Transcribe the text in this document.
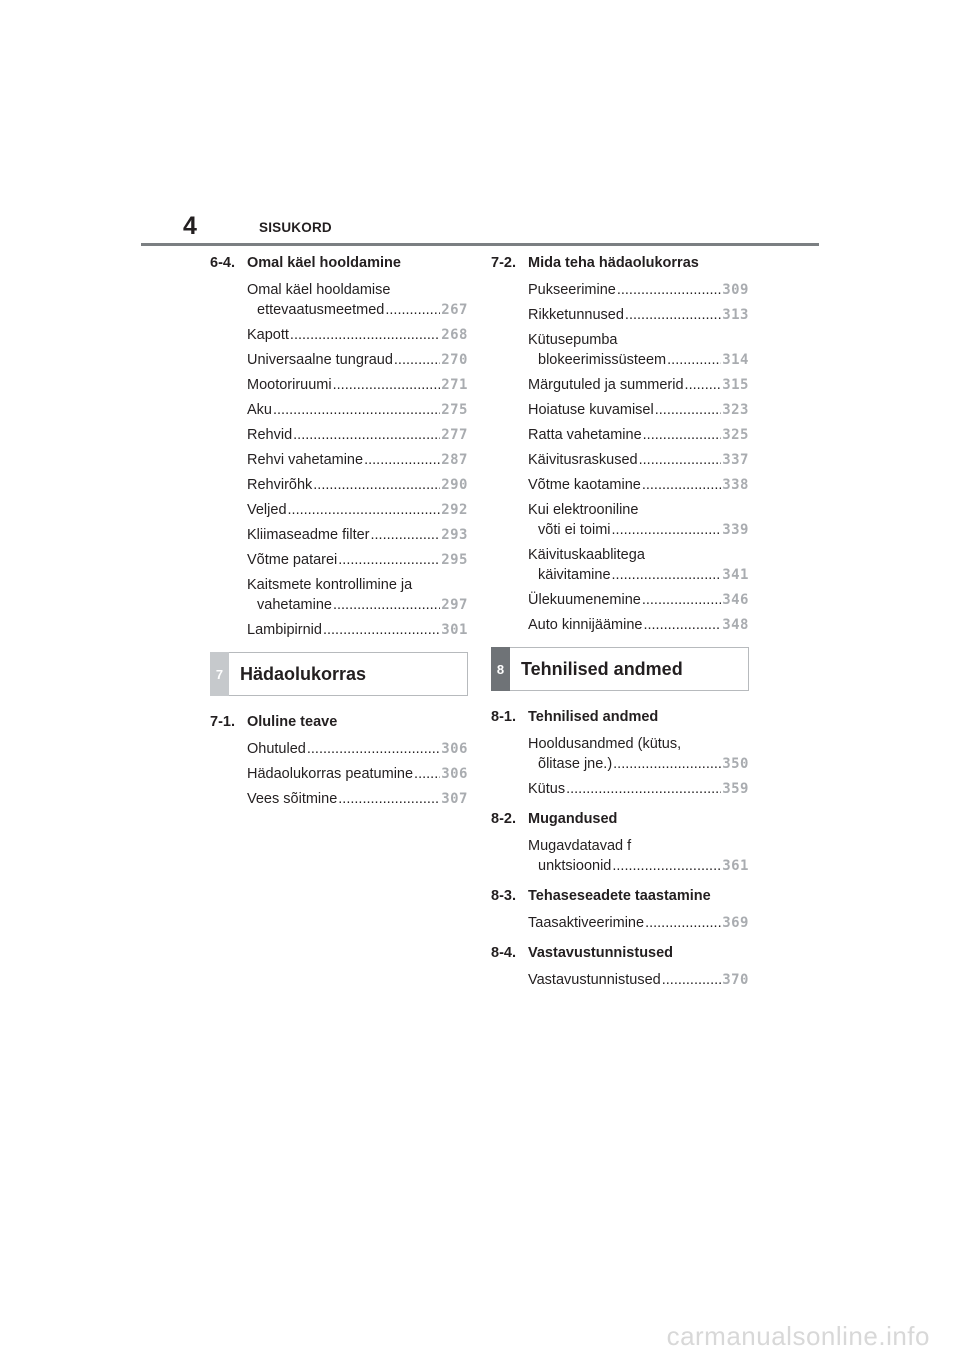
4	SISUKORD
6-4. Omal käel hooldamine
Omal käel hooldamise
ettevaatusmeetmed .....	267
Kapott .....	268
Universaalne tungraud .....	270
Mootoriruumi .....	271
Aku .....	275
Rehvid .....	277
Rehvi vahetamine .....	287
Rehvirõhk .....	290
Veljed .....	292
Kliimaseadme filter .....	293
Võtme patarei .....	295
Kaitsmete kontrollimine ja
vahetamine .....	297
Lambipirnid .....	301
7 Hädaolukorras
7-1. Oluline teave
Ohutuled .....	306
Hädaolukorras peatumine ..... 306
Vees sõitmine .....	307
7-2. Mida teha hädaolukorras
Pukseerimine .....	309
Rikketunnused .....	313
Kütusepumba
blokeerimissüsteem .....	314
Märgutuled ja summerid .....	315
Hoiatuse kuvamisel .....	323
Ratta vahetamine .....	325
Käivitusraskused .....	337
Võtme kaotamine .....	338
Kui elektrooniline
võti ei toimi .....	339
Käivituskaablitega
käivitamine .....	341
Ülekuumenemine .....	346
Auto kinnijäämine .....	348
8 Tehnilised andmed
8-1. Tehnilised andmed
Hooldusandmed (kütus,
õlitase jne.) .....	350
Kütus .....	359
8-2. Mugandused
Mugavdatavad f
unktsioonid .....	361
8-3. Tehaseseadete taastamine
Taasaktiveerimine .....	369
8-4. Vastavustunnistused
Vastavustunnistused .....	370
carmanualsonline.info
